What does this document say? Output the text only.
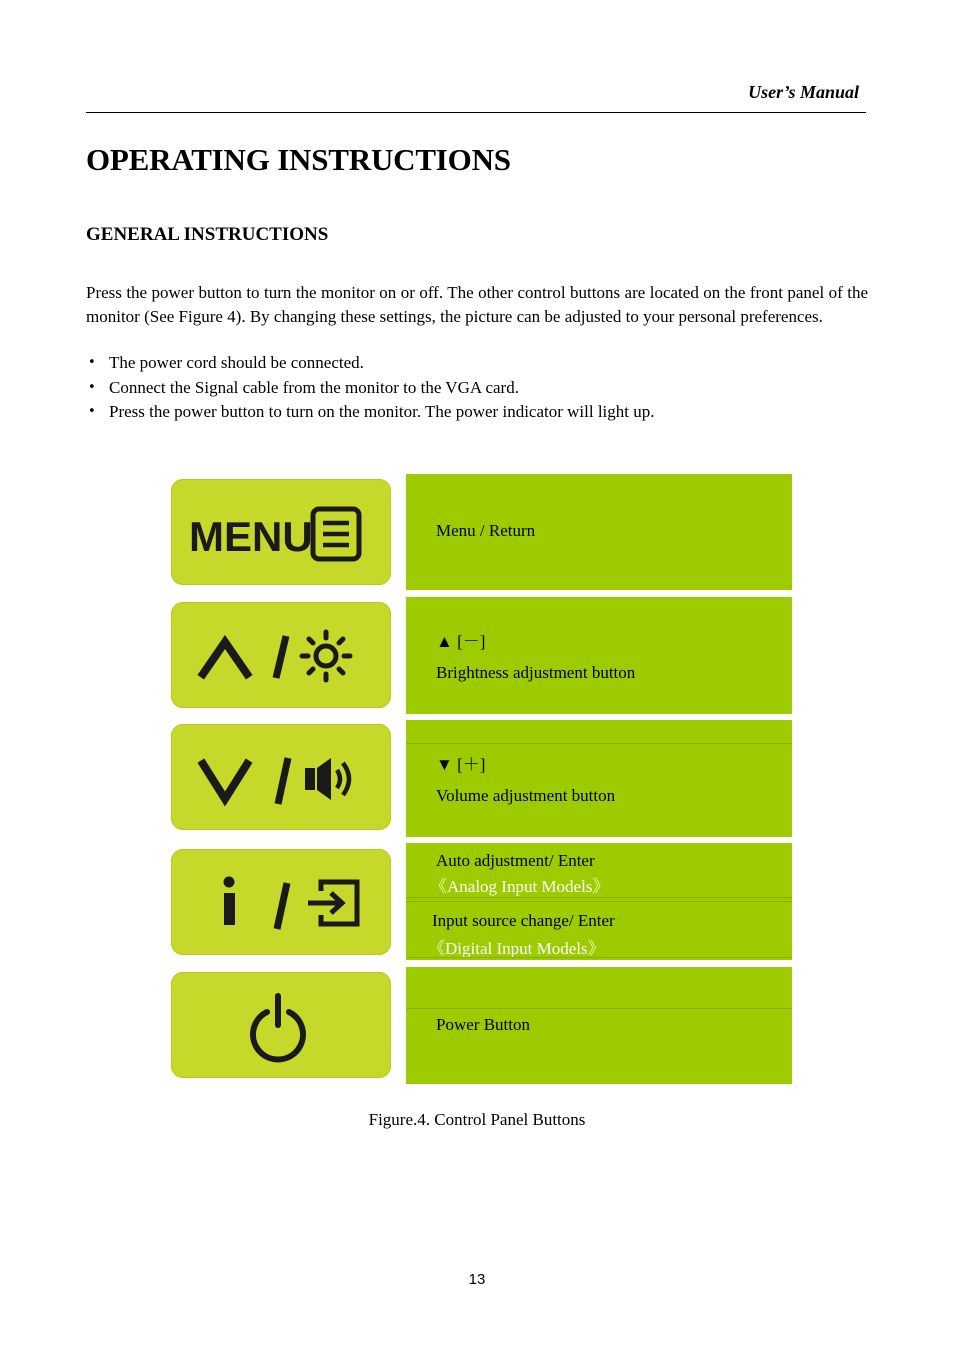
User’s Manual
OPERATING INSTRUCTIONS
GENERAL INSTRUCTIONS

Press the power button to turn the monitor on or off. The other control buttons are located on the front panel of the monitor (See Figure 4). By changing these settings, the picture can be adjusted to your personal preferences.

• The power cord should be connected.
• Connect the Signal cable from the monitor to the VGA card.
• Press the power button to turn on the monitor. The power indicator will light up.
MENU	Menu / Return
▲ [－]
Brightness adjustment button
▼ [＋]
Volume adjustment button
Auto adjustment/ Enter
《Analog Input Models》
Input source change/ Enter
《Digital Input Models》
Power Button
Figure.4. Control Panel Buttons
13
